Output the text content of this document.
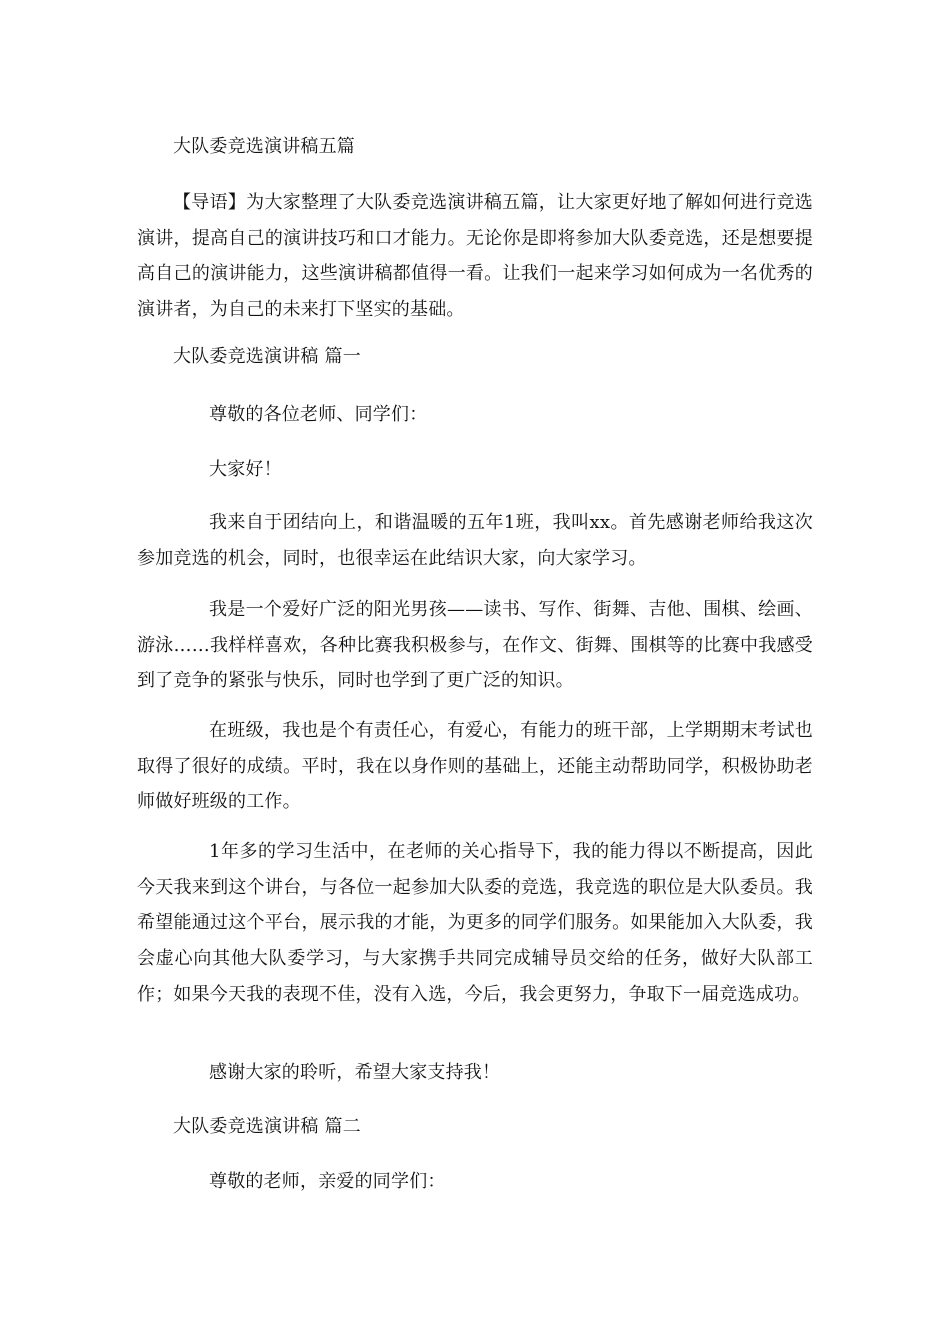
大队委竞选演讲稿五篇
【导语】为大家整理了大队委竞选演讲稿五篇，让大家更好地了解如何进行竞选演讲，提高自己的演讲技巧和口才能力。无论你是即将参加大队委竞选，还是想要提高自己的演讲能力，这些演讲稿都值得一看。让我们一起来学习如何成为一名优秀的演讲者，为自己的未来打下坚实的基础。
大队委竞选演讲稿 篇一
尊敬的各位老师、同学们：
大家好！
我来自于团结向上，和谐温暖的五年1班，我叫xx。首先感谢老师给我这次参加竞选的机会，同时，也很幸运在此结识大家，向大家学习。
我是一个爱好广泛的阳光男孩——读书、写作、街舞、吉他、围棋、绘画、游泳……我样样喜欢，各种比赛我积极参与，在作文、街舞、围棋等的比赛中我感受到了竞争的紧张与快乐，同时也学到了更广泛的知识。
在班级，我也是个有责任心，有爱心，有能力的班干部，上学期期末考试也取得了很好的成绩。平时，我在以身作则的基础上，还能主动帮助同学，积极协助老师做好班级的工作。
1年多的学习生活中，在老师的关心指导下，我的能力得以不断提高，因此今天我来到这个讲台，与各位一起参加大队委的竞选，我竞选的职位是大队委员。我希望能通过这个平台，展示我的才能，为更多的同学们服务。如果能加入大队委，我会虚心向其他大队委学习，与大家携手共同完成辅导员交给的任务，做好大队部工作；如果今天我的表现不佳，没有入选，今后，我会更努力，争取下一届竞选成功。
感谢大家的聆听，希望大家支持我！
大队委竞选演讲稿 篇二
尊敬的老师，亲爱的同学们：
